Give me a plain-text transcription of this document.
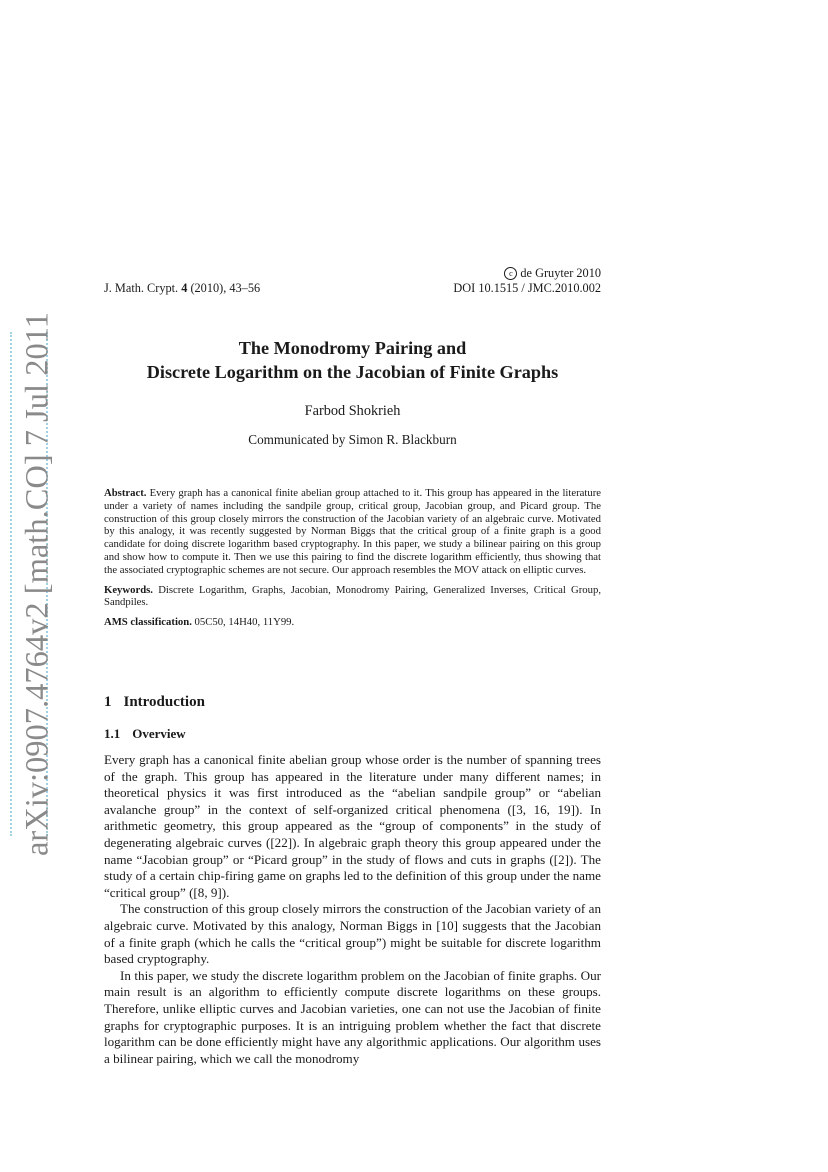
arXiv:0907.4764v2 [math.CO] 7 Jul 2011
c de Gruyter 2010
DOI 10.1515 / JMC.2010.002
J. Math. Crypt. 4 (2010), 43–56
The Monodromy Pairing and
Discrete Logarithm on the Jacobian of Finite Graphs
Farbod Shokrieh
Communicated by Simon R. Blackburn

Abstract. Every graph has a canonical finite abelian group attached to it. This group has appeared in the literature under a variety of names including the sandpile group, critical group, Jacobian group, and Picard group. The construction of this group closely mirrors the construction of the Jacobian variety of an algebraic curve. Motivated by this analogy, it was recently suggested by Norman Biggs that the critical group of a finite graph is a good candidate for doing discrete logarithm based cryptography. In this paper, we study a bilinear pairing on this group and show how to compute it. Then we use this pairing to find the discrete logarithm efficiently, thus showing that the associated cryptographic schemes are not secure. Our approach resembles the MOV attack on elliptic curves.

Keywords. Discrete Logarithm, Graphs, Jacobian, Monodromy Pairing, Generalized Inverses, Critical Group, Sandpiles.

AMS classification. 05C50, 14H40, 11Y99.

1 Introduction
1.1 Overview

Every graph has a canonical finite abelian group whose order is the number of spanning trees of the graph. This group has appeared in the literature under many different names; in theoretical physics it was first introduced as the “abelian sandpile group” or “abelian avalanche group” in the context of self-organized critical phenomena ([3, 16, 19]). In arithmetic geometry, this group appeared as the “group of components” in the study of degenerating algebraic curves ([22]). In algebraic graph theory this group appeared under the name “Jacobian group” or “Picard group” in the study of flows and cuts in graphs ([2]). The study of a certain chip-firing game on graphs led to the definition of this group under the name “critical group” ([8, 9]).

The construction of this group closely mirrors the construction of the Jacobian variety of an algebraic curve. Motivated by this analogy, Norman Biggs in [10] suggests that the Jacobian of a finite graph (which he calls the “critical group”) might be suitable for discrete logarithm based cryptography.

In this paper, we study the discrete logarithm problem on the Jacobian of finite graphs. Our main result is an algorithm to efficiently compute discrete logarithms on these groups. Therefore, unlike elliptic curves and Jacobian varieties, one can not use the Jacobian of finite graphs for cryptographic purposes. It is an intriguing problem whether the fact that discrete logarithm can be done efficiently might have any algorithmic applications. Our algorithm uses a bilinear pairing, which we call the monodromy
